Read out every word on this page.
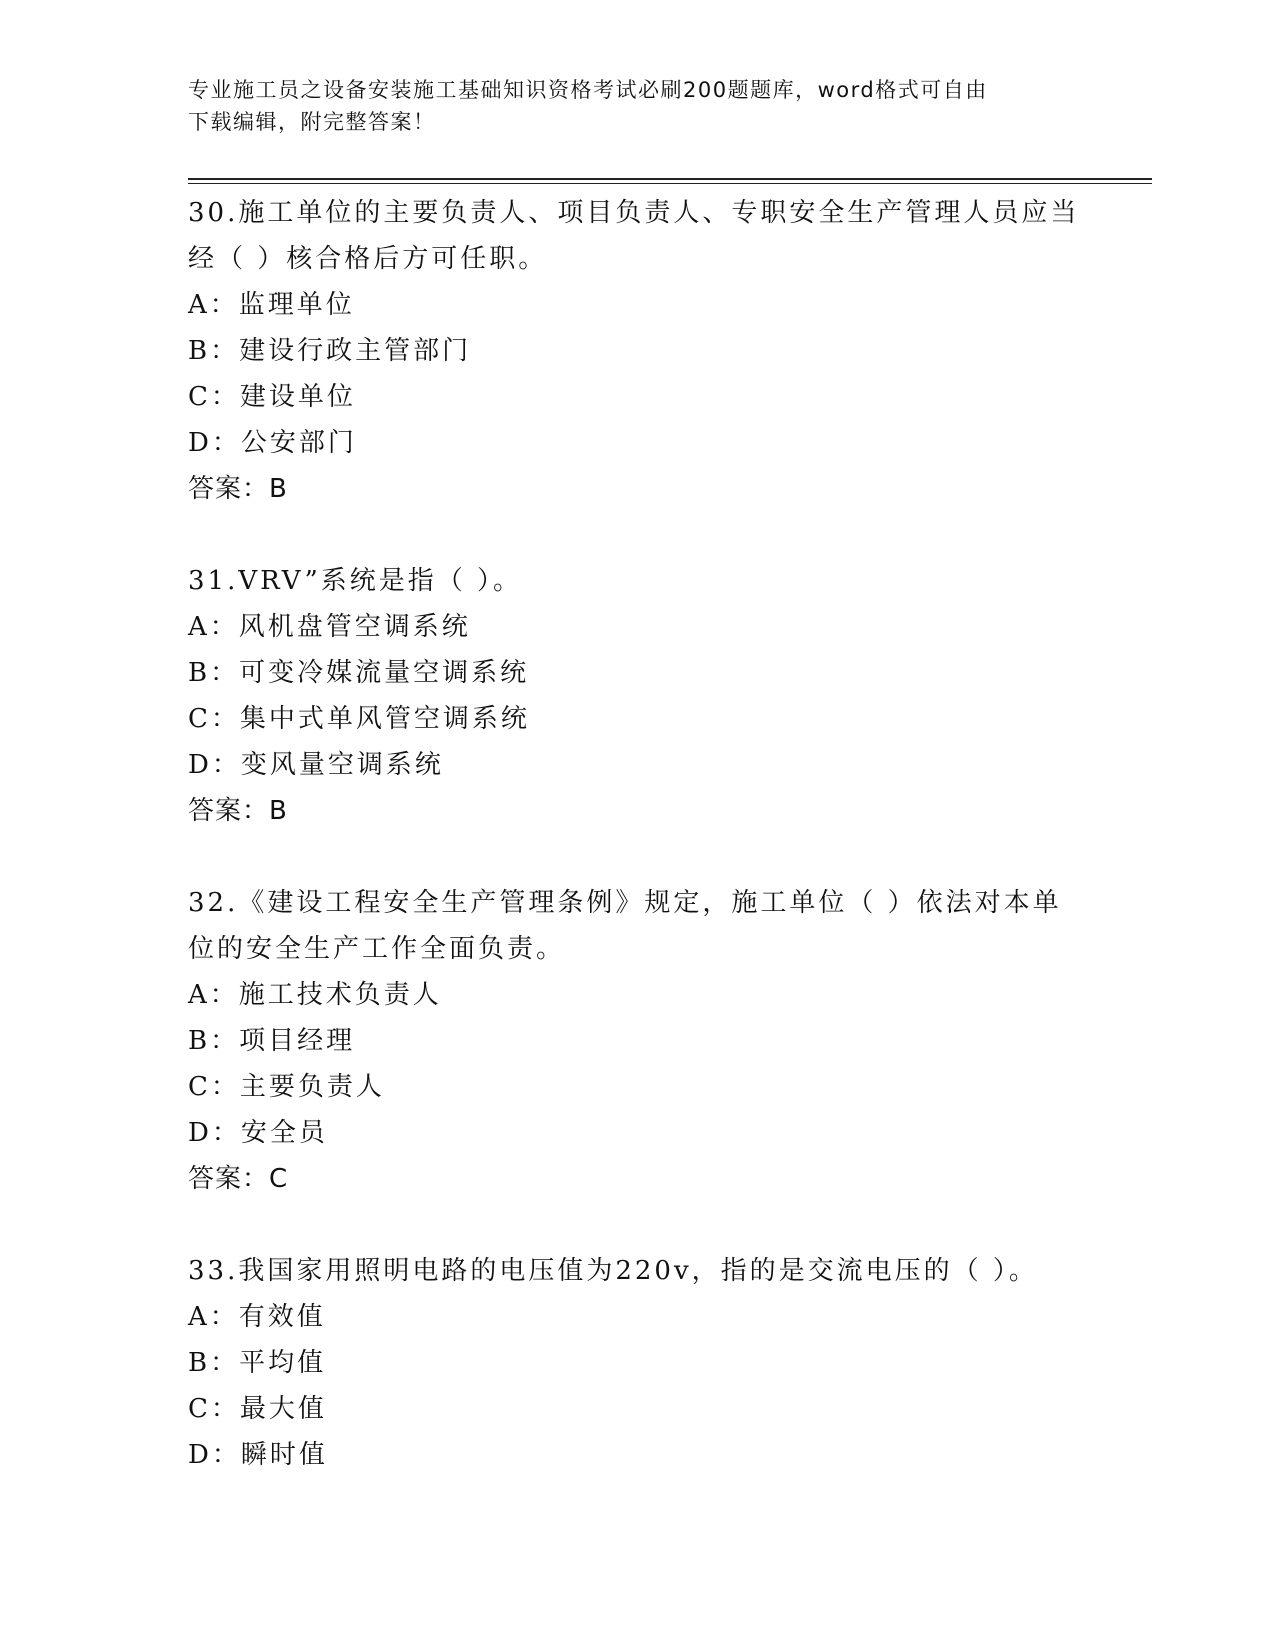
专业施工员之设备安装施工基础知识资格考试必刷200题题库，word格式可自由
下载编辑，附完整答案！
30.施工单位的主要负责人、项目负责人、专职安全生产管理人员应当
经（ ）核合格后方可任职。
A：监理单位
B：建设行政主管部门
C：建设单位
D：公安部门
答案：B
31.VRV”系统是指（ ）。
A：风机盘管空调系统
B：可变冷媒流量空调系统
C：集中式单风管空调系统
D：变风量空调系统
答案：B
32.《建设工程安全生产管理条例》规定，施工单位（ ）依法对本单
位的安全生产工作全面负责。
A：施工技术负责人
B：项目经理
C：主要负责人
D：安全员
答案：C
33.我国家用照明电路的电压值为220v，指的是交流电压的（ ）。
A：有效值
B：平均值
C：最大值
D：瞬时值
